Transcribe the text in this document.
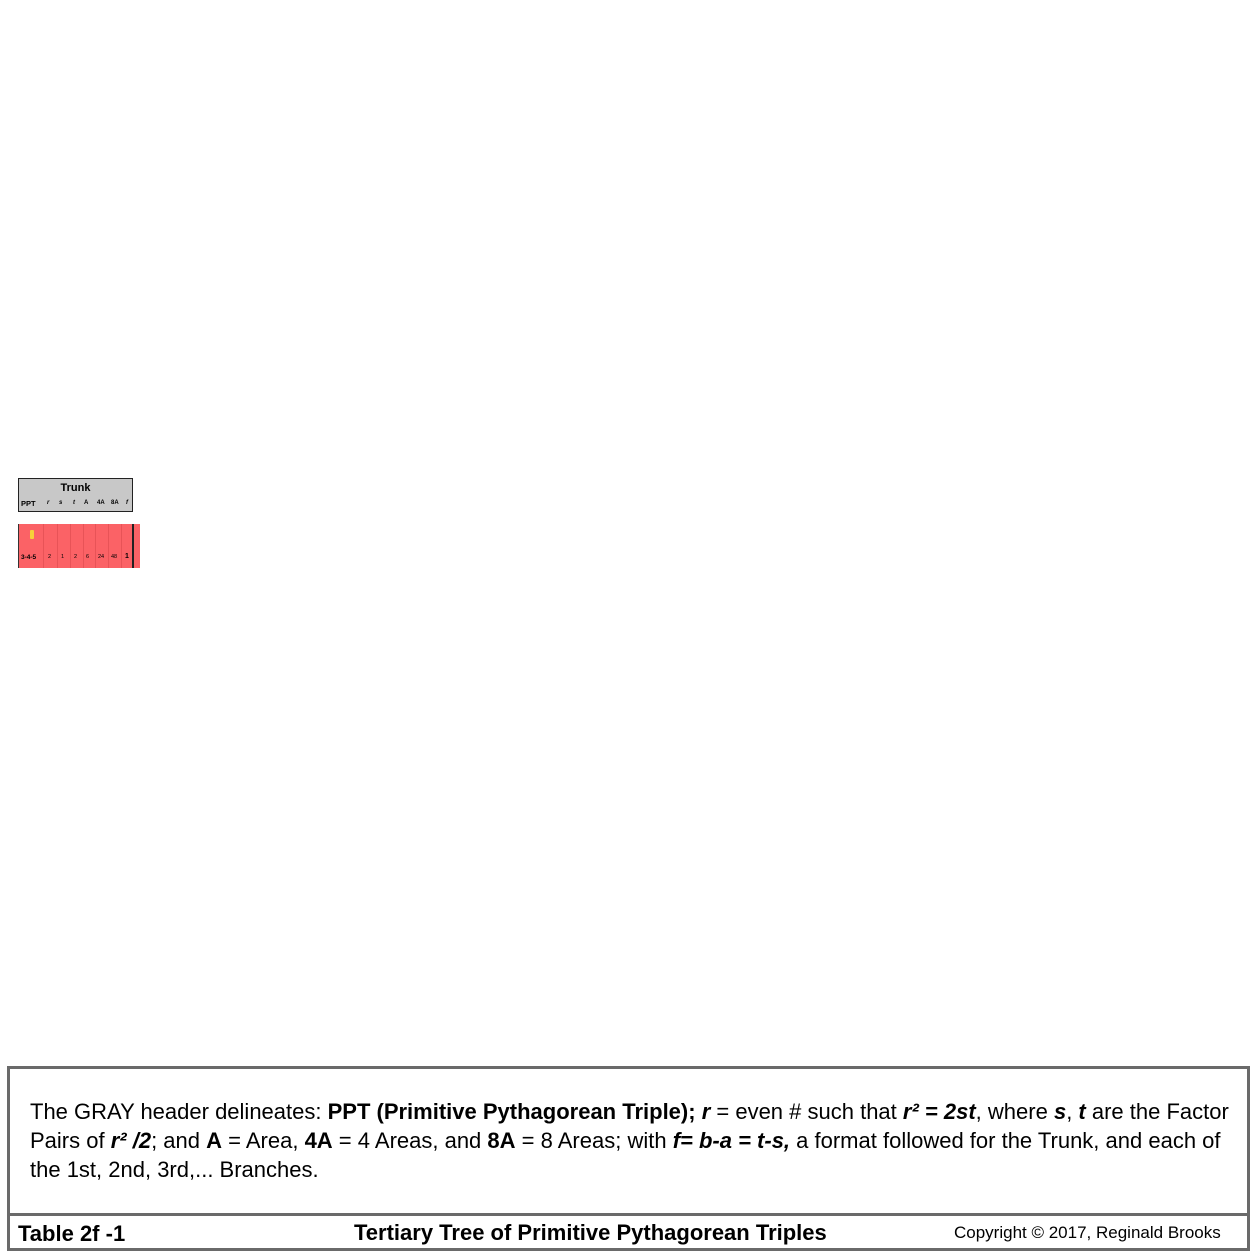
Trunk
PPT r s t A 4A 8A f
3-4-5 2 1 2 6 24 48 1
The GRAY header delineates: PPT (Primitive Pythagorean Triple); r = even # such that r² = 2st, where s, t are the Factor Pairs of r² /2; and A = Area, 4A = 4 Areas, and 8A = 8 Areas; with f= b-a = t-s, a format followed for the Trunk, and each of the 1st, 2nd, 3rd,... Branches.
Table 2f -1	Tertiary Tree of Primitive Pythagorean Triples	Copyright © 2017, Reginald Brooks
